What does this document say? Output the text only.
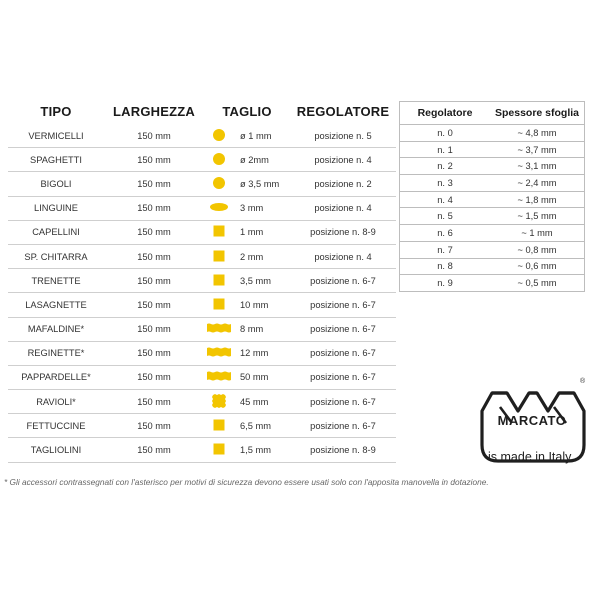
TIPO	LARGHEZZA	TAGLIO	REGOLATORE
VERMICELLI	150 mm	ø 1 mm	posizione n. 5
SPAGHETTI	150 mm	ø 2mm	posizione n. 4
BIGOLI	150 mm	ø 3,5 mm	posizione n. 2
LINGUINE	150 mm	3 mm	posizione n. 4
CAPELLINI	150 mm	1 mm	posizione n. 8-9
SP. CHITARRA	150 mm	2 mm	posizione n. 4
TRENETTE	150 mm	3,5 mm	posizione n. 6-7
LASAGNETTE	150 mm	10 mm	posizione n. 6-7
MAFALDINE*	150 mm	8 mm	posizione n. 6-7
REGINETTE*	150 mm	12 mm	posizione n. 6-7
PAPPARDELLE*	150 mm	50 mm	posizione n. 6-7
RAVIOLI*	150 mm	45 mm	posizione n. 6-7
FETTUCCINE	150 mm	6,5 mm	posizione n. 6-7
TAGLIOLINI	150 mm	1,5 mm	posizione n. 8-9
Regolatore	Spessore sfoglia
n. 0	~ 4,8 mm
n. 1	~ 3,7 mm
n. 2	~ 3,1 mm
n. 3	~ 2,4 mm
n. 4	~ 1,8 mm
n. 5	~ 1,5 mm
n. 6	~ 1 mm
n. 7	~ 0,8 mm
n. 8	~ 0,6 mm
n. 9	~ 0,5 mm
* Gli accessori contrassegnati con l'asterisco per motivi di sicurezza devono essere usati solo con l'apposita manovella in dotazione.
®
MARCATO
is made in Italy
